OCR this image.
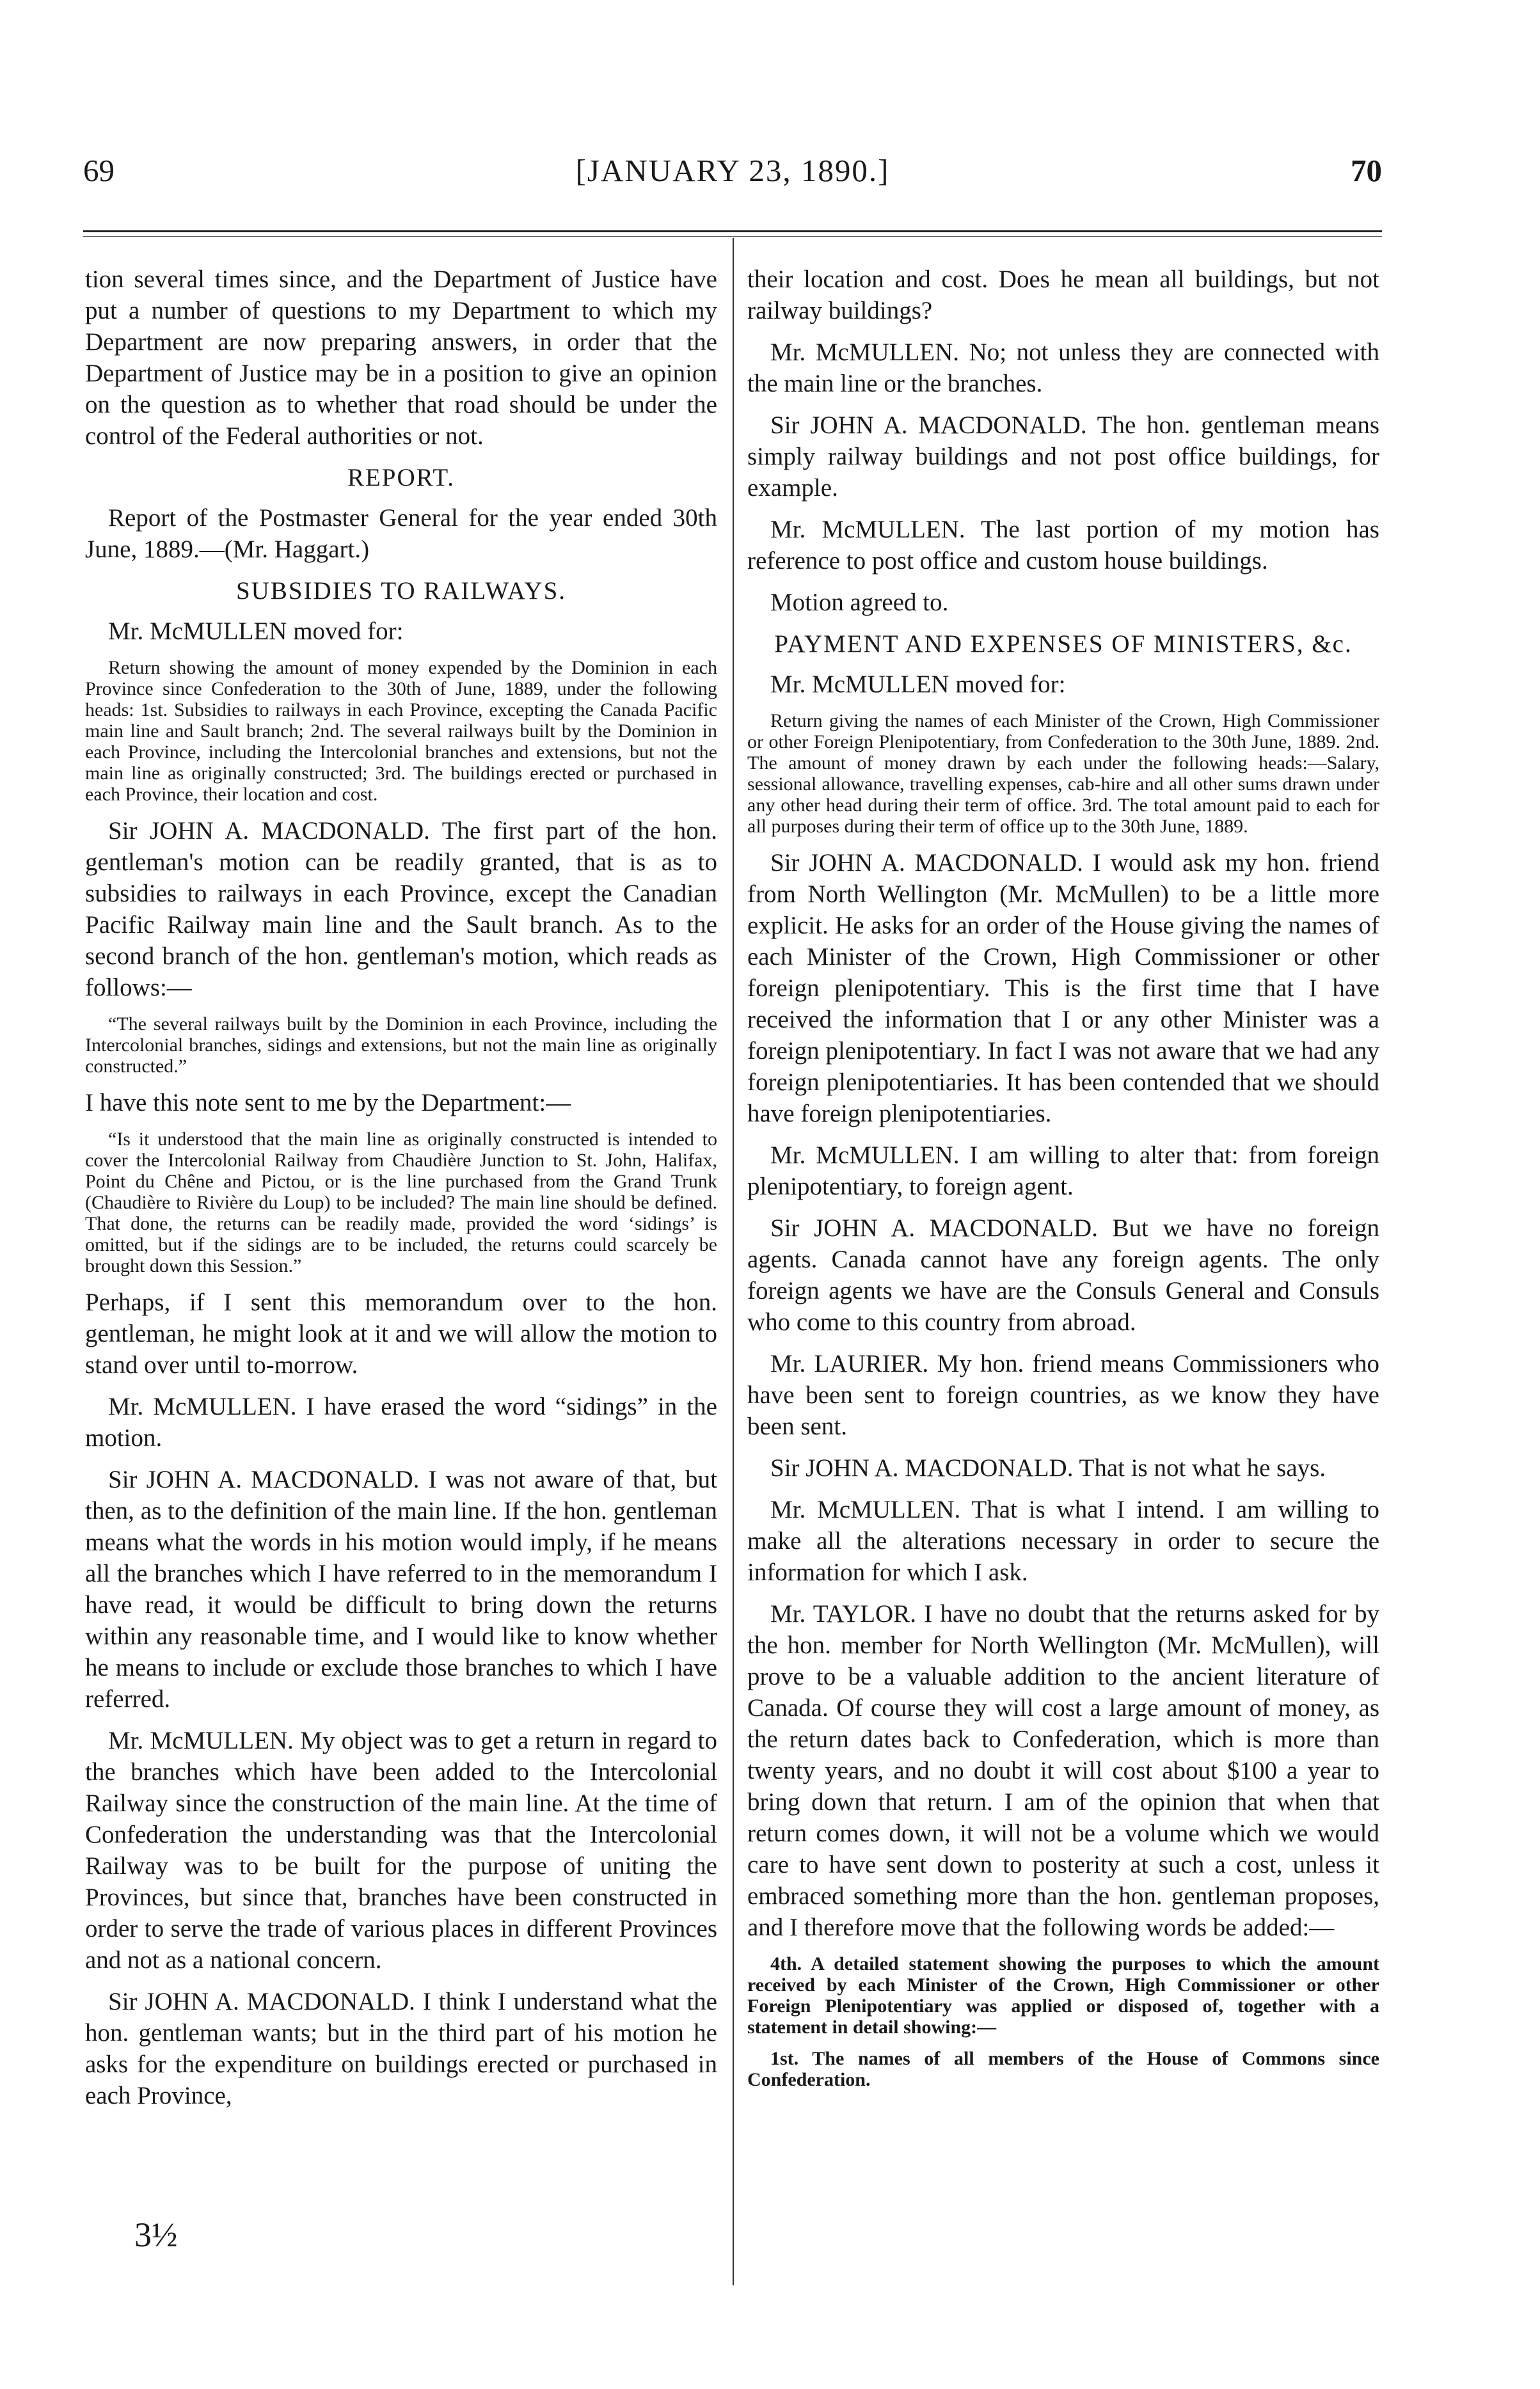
69	[JANUARY 23, 1890.]	70

tion several times since, and the Department of Justice have put a number of questions to my Department to which my Department are now preparing answers, in order that the Department of Justice may be in a position to give an opinion on the question as to whether that road should be under the control of the Federal authorities or not.

REPORT.

Report of the Postmaster General for the year ended 30th June, 1889.—(Mr. Haggart.)

SUBSIDIES TO RAILWAYS.

Mr. McMULLEN moved for:

Return showing the amount of money expended by the Dominion in each Province since Confederation to the 30th of June, 1889, under the following heads: 1st. Subsidies to railways in each Province, excepting the Canada Pacific main line and Sault branch; 2nd. The several railways built by the Dominion in each Province, including the Intercolonial branches and extensions, but not the main line as originally constructed; 3rd. The buildings erected or purchased in each Province, their location and cost.

Sir JOHN A. MACDONALD. The first part of the hon. gentleman's motion can be readily granted, that is as to subsidies to railways in each Province, except the Canadian Pacific Railway main line and the Sault branch. As to the second branch of the hon. gentleman's motion, which reads as follows:—

“The several railways built by the Dominion in each Province, including the Intercolonial branches, sidings and extensions, but not the main line as originally constructed.”

I have this note sent to me by the Department:—

“Is it understood that the main line as originally constructed is intended to cover the Intercolonial Railway from Chaudière Junction to St. John, Halifax, Point du Chêne and Pictou, or is the line purchased from the Grand Trunk (Chaudière to Rivière du Loup) to be included? The main line should be defined. That done, the returns can be readily made, provided the word ‘sidings’ is omitted, but if the sidings are to be included, the returns could scarcely be brought down this Session.”

Perhaps, if I sent this memorandum over to the hon. gentleman, he might look at it and we will allow the motion to stand over until to-morrow.

Mr. McMULLEN. I have erased the word “sidings” in the motion.

Sir JOHN A. MACDONALD. I was not aware of that, but then, as to the definition of the main line. If the hon. gentleman means what the words in his motion would imply, if he means all the branches which I have referred to in the memorandum I have read, it would be difficult to bring down the returns within any reasonable time, and I would like to know whether he means to include or exclude those branches to which I have referred.

Mr. McMULLEN. My object was to get a return in regard to the branches which have been added to the Intercolonial Railway since the construction of the main line. At the time of Confederation the understanding was that the Intercolonial Railway was to be built for the purpose of uniting the Provinces, but since that, branches have been constructed in order to serve the trade of various places in different Provinces and not as a national concern.

Sir JOHN A. MACDONALD. I think I understand what the hon. gentleman wants; but in the third part of his motion he asks for the expenditure on buildings erected or purchased in each Province,

their location and cost. Does he mean all buildings, but not railway buildings?

Mr. McMULLEN. No; not unless they are connected with the main line or the branches.

Sir JOHN A. MACDONALD. The hon. gentleman means simply railway buildings and not post office buildings, for example.

Mr. McMULLEN. The last portion of my motion has reference to post office and custom house buildings.

Motion agreed to.

PAYMENT AND EXPENSES OF MINISTERS, &c.

Mr. McMULLEN moved for:

Return giving the names of each Minister of the Crown, High Commissioner or other Foreign Plenipotentiary, from Confederation to the 30th June, 1889. 2nd. The amount of money drawn by each under the following heads:—Salary, sessional allowance, travelling expenses, cab-hire and all other sums drawn under any other head during their term of office. 3rd. The total amount paid to each for all purposes during their term of office up to the 30th June, 1889.

Sir JOHN A. MACDONALD. I would ask my hon. friend from North Wellington (Mr. McMullen) to be a little more explicit. He asks for an order of the House giving the names of each Minister of the Crown, High Commissioner or other foreign plenipotentiary. This is the first time that I have received the information that I or any other Minister was a foreign plenipotentiary. In fact I was not aware that we had any foreign plenipotentiaries. It has been contended that we should have foreign plenipotentiaries.

Mr. McMULLEN. I am willing to alter that: from foreign plenipotentiary, to foreign agent.

Sir JOHN A. MACDONALD. But we have no foreign agents. Canada cannot have any foreign agents. The only foreign agents we have are the Consuls General and Consuls who come to this country from abroad.

Mr. LAURIER. My hon. friend means Commissioners who have been sent to foreign countries, as we know they have been sent.

Sir JOHN A. MACDONALD. That is not what he says.

Mr. McMULLEN. That is what I intend. I am willing to make all the alterations necessary in order to secure the information for which I ask.

Mr. TAYLOR. I have no doubt that the returns asked for by the hon. member for North Wellington (Mr. McMullen), will prove to be a valuable addition to the ancient literature of Canada. Of course they will cost a large amount of money, as the return dates back to Confederation, which is more than twenty years, and no doubt it will cost about $100 a year to bring down that return. I am of the opinion that when that return comes down, it will not be a volume which we would care to have sent down to posterity at such a cost, unless it embraced something more than the hon. gentleman proposes, and I therefore move that the following words be added:—

4th. A detailed statement showing the purposes to which the amount received by each Minister of the Crown, High Commissioner or other Foreign Plenipotentiary was applied or disposed of, together with a statement in detail showing:—

1st. The names of all members of the House of Commons since Confederation.

3½
